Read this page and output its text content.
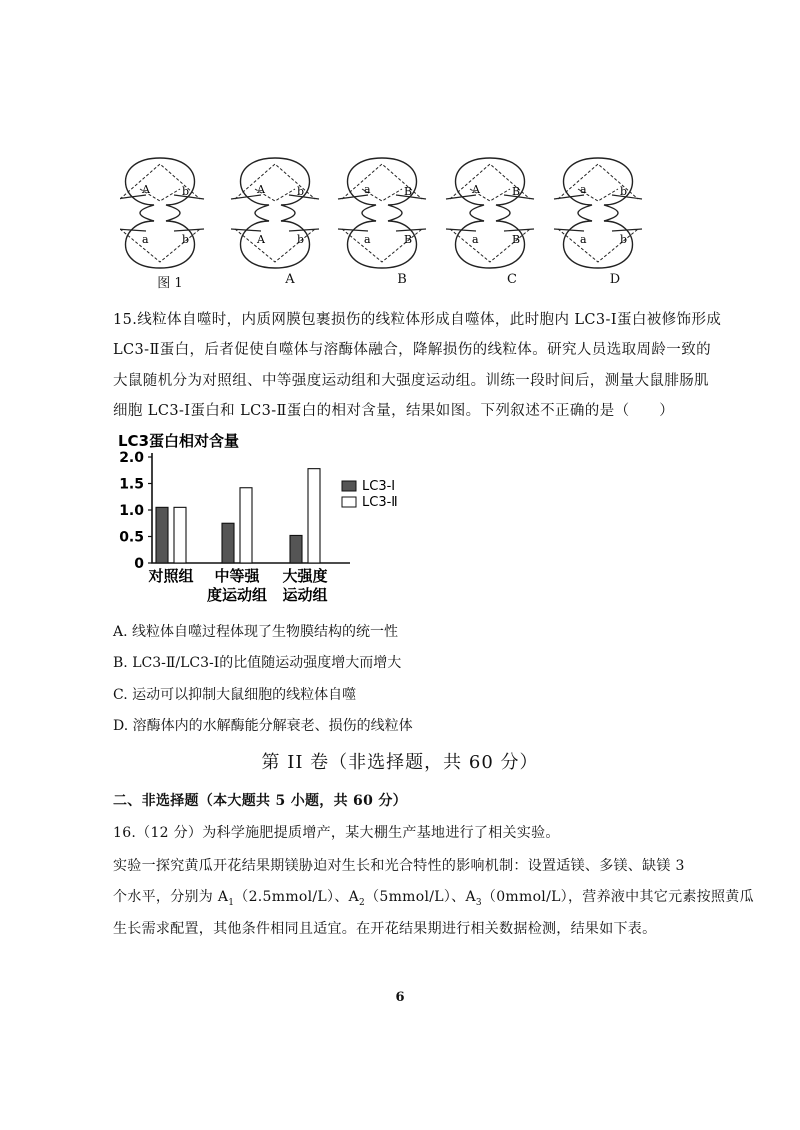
A	b
a	b
A	b
A	b
a	B
a	B
A	B
a	B
a	b
a	b
图 1	A	B	C	D
15.线粒体自噬时，内质网膜包裹损伤的线粒体形成自噬体，此时胞内 LC3-Ⅰ蛋白被修饰形成
LC3-Ⅱ蛋白，后者促使自噬体与溶酶体融合，降解损伤的线粒体。研究人员选取周龄一致的
大鼠随机分为对照组、中等强度运动组和大强度运动组。训练一段时间后，测量大鼠腓肠肌
细胞 LC3-Ⅰ蛋白和 LC3-Ⅱ蛋白的相对含量，结果如图。下列叙述不正确的是（　　）
LC3蛋白相对含量
0
0.5
1.0
1.5
2.0
对照组 中等强
度运动组
大强度
运动组
LC3-Ⅰ
LC3-Ⅱ
A. 线粒体自噬过程体现了生物膜结构的统一性
B. LC3-Ⅱ/LC3-Ⅰ的比值随运动强度增大而增大
C. 运动可以抑制大鼠细胞的线粒体自噬
D. 溶酶体内的水解酶能分解衰老、损伤的线粒体
第 II 卷（非选择题，共 60 分）
二、非选择题（本大题共 5 小题，共 60 分）
16.（12 分）为科学施肥提质增产，某大棚生产基地进行了相关实验。
实验一探究黄瓜开花结果期镁胁迫对生长和光合特性的影响机制：设置适镁、多镁、缺镁 3
个水平，分别为 $A_1(2.5mmol/L)$、$A_2(5mmol/L)$、$A_3(0mmol/L)$，营养液中其它元素按照黄瓜
生长需求配置，其他条件相同且适宜。在开花结果期进行相关数据检测，结果如下表。
6
